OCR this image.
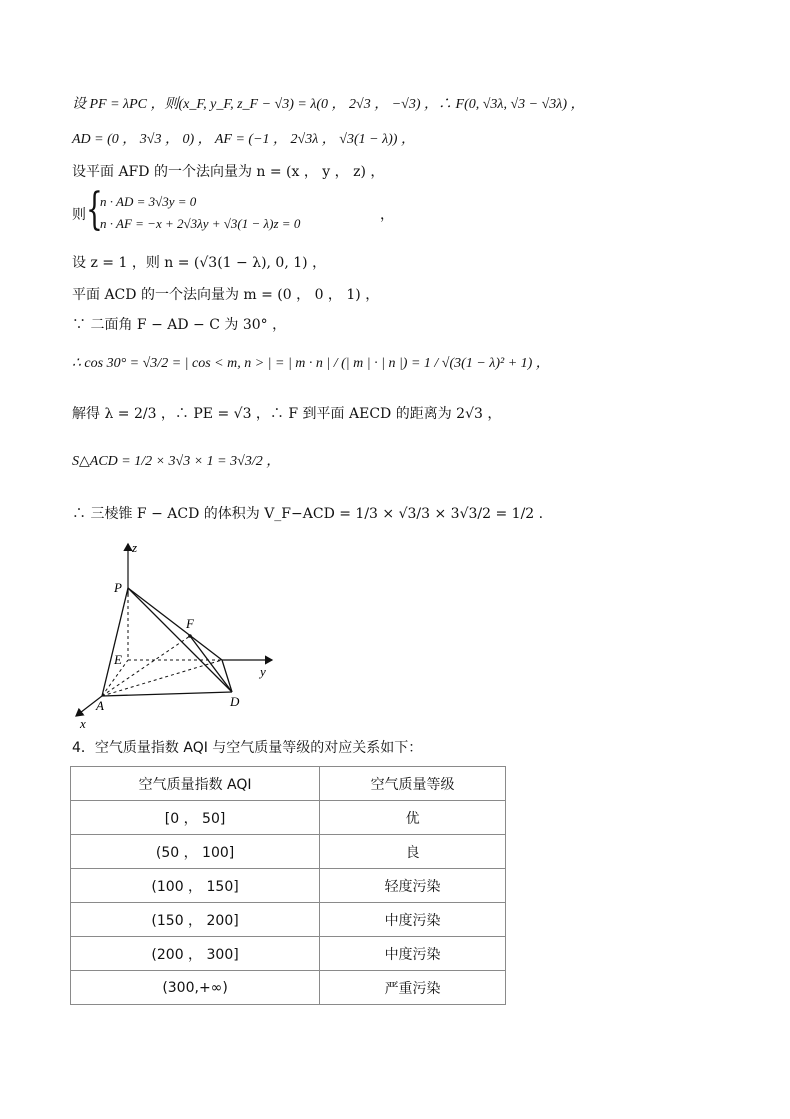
设 PF = λPC ，则(x_F, y_F, z_F − √3) = λ(0 ， 2√3 ， −√3) ，∴ F(0, √3λ, √3 − √3λ) ，
AD = (0 ， 3√3 ， 0) ， AF = (−1 ， 2√3λ ， √3(1 − λ)) ，
设平面 AFD 的一个法向量为 n = (x ， y ， z) ，
则 {
n · AD = 3√3y = 0
n · AF = −x + 2√3λy + √3(1 − λ)z = 0
，
设 z = 1 ，则 n = (√3(1 − λ), 0, 1) ，
平面 ACD 的一个法向量为 m = (0 ， 0 ， 1) ，
∵ 二面角 F − AD − C 为 30° ，
∴ cos 30° = √3/2 = | cos < m, n > | = | m · n | / (| m | · | n |) = 1 / √(3(1 − λ)² + 1) ，
解得 λ = 2/3 ，∴ PE = √3 ，∴ F 到平面 AECD 的距离为 2√3 ，
S△ACD = 1/2 × 3√3 × 1 = 3√3/2 ，
∴ 三棱锥 F − ACD 的体积为 V_F−ACD = 1/3 × √3/3 × 3√3/2 = 1/2 .
z
y
x
P
F
E
A	D
4．空气质量指数 AQI 与空气质量等级的对应关系如下：
空气质量指数 AQI	空气质量等级
[0 ， 50]	优
(50 ， 100]	良
(100 ， 150]	轻度污染
(150 ， 200]	中度污染
(200 ， 300]	中度污染
(300,+∞)	严重污染
